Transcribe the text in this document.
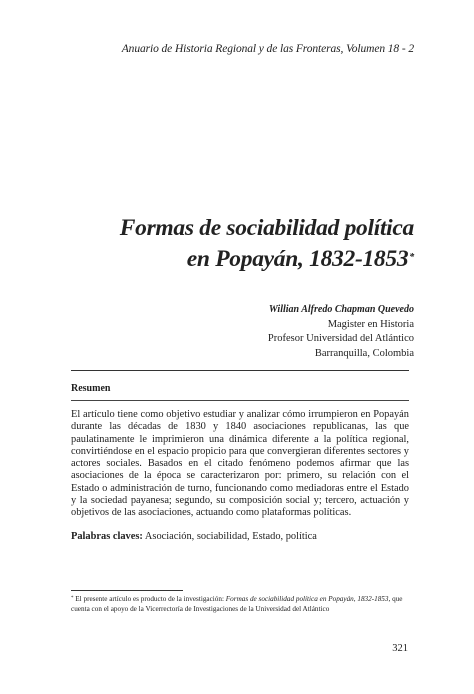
Anuario de Historia Regional y de las Fronteras, Volumen 18 - 2
Formas de sociabilidad política
en Popayán, 1832-1853*
Willian Alfredo Chapman Quevedo
Magister en Historia
Profesor Universidad del Atlántico
Barranquilla, Colombia
Resumen
El artículo tiene como objetivo estudiar y analizar cómo irrumpieron en Popayán durante las décadas de 1830 y 1840 asociaciones republicanas, las que paulatinamente le imprimieron una dinámica diferente a la política regional, convirtiéndose en el espacio propicio para que convergieran diferentes sectores y actores sociales. Basados en el citado fenómeno podemos afirmar que las asociaciones de la época se caracterizaron por: primero, su relación con el Estado o administración de turno, funcionando como mediadoras entre el Estado y la sociedad payanesa; segundo, su composición social y; tercero, actuación y objetivos de las asociaciones, actuando como plataformas políticas.
Palabras claves: Asociación, sociabilidad, Estado, política
* El presente artículo es producto de la investigación: Formas de sociabilidad política en Popayán, 1832-1853, que cuenta con el apoyo de la Vicerrectoría de Investigaciones de la Universidad del Atlántico
321
